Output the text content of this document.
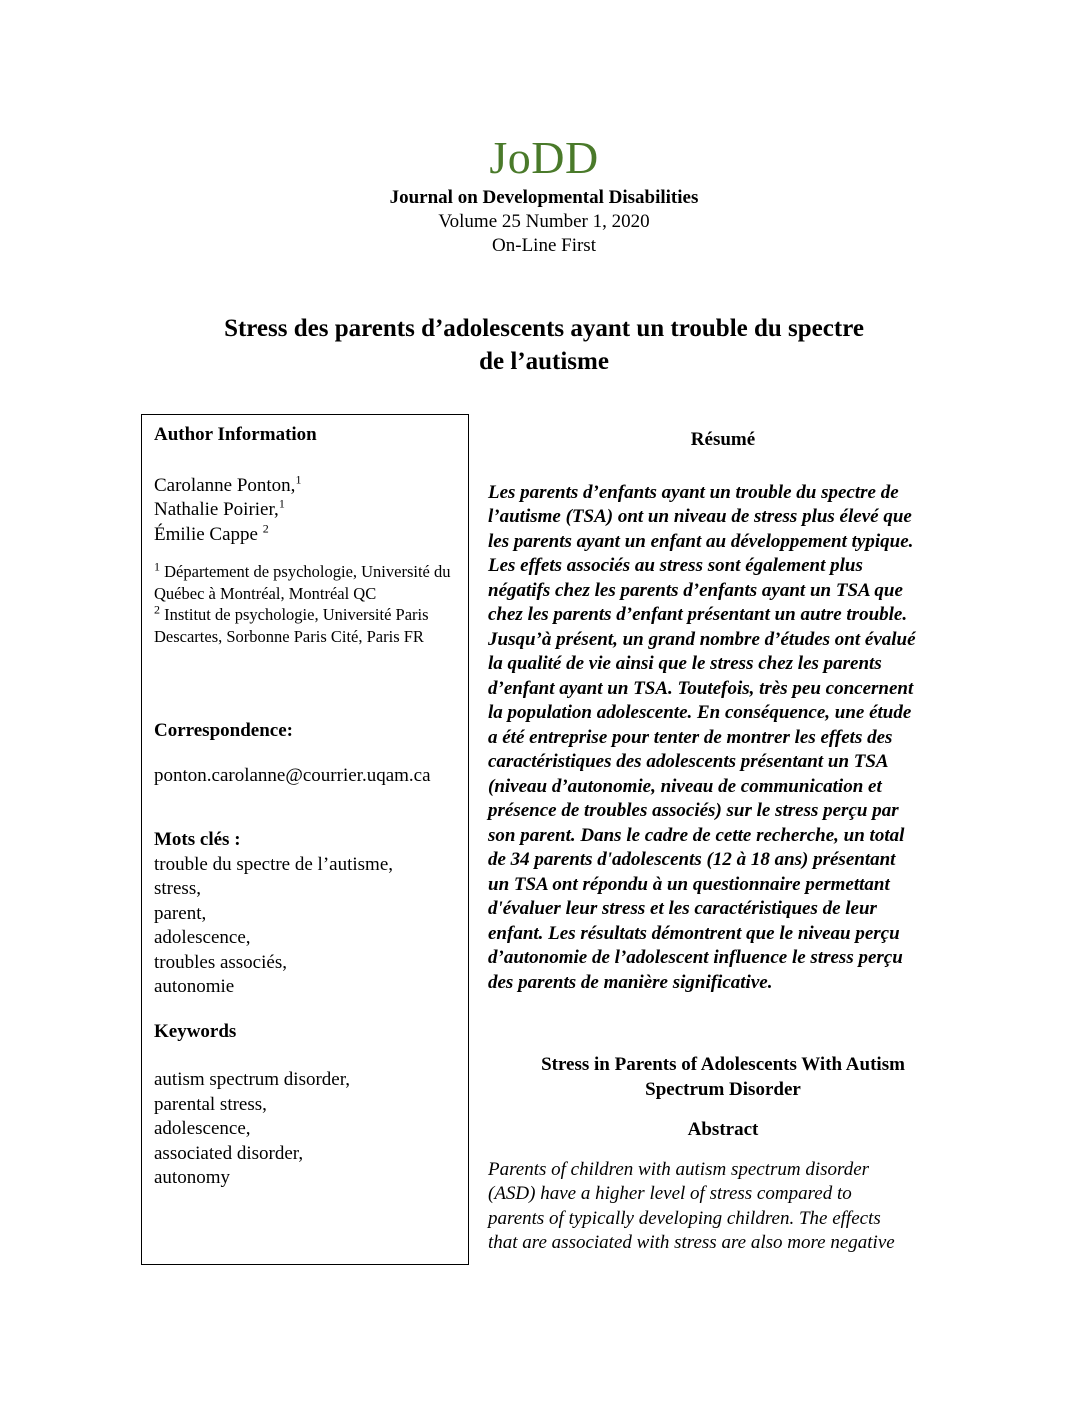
JoDD
Journal on Developmental Disabilities
Volume 25 Number 1, 2020
On-Line First
Stress des parents d’adolescents ayant un trouble du spectre
de l’autisme
Author Information
Carolanne Ponton,$^1$
Nathalie Poirier,$^1$
Émilie Cappe $^2$
$^1$ Département de psychologie, Université du Québec à Montréal, Montréal QC
$^2$ Institut de psychologie, Université Paris Descartes, Sorbonne Paris Cité, Paris FR
Correspondence:
ponton.carolanne@courrier.uqam.ca
Mots clés :
trouble du spectre de l’autisme,
stress,
parent,
adolescence,
troubles associés,
autonomie
Keywords
autism spectrum disorder,
parental stress,
adolescence,
associated disorder,
autonomy
Résumé
Les parents d’enfants ayant un trouble du spectre de
l’autisme (TSA) ont un niveau de stress plus élevé que
les parents ayant un enfant au développement typique.
Les effets associés au stress sont également plus
négatifs chez les parents d’enfants ayant un TSA que
chez les parents d’enfant présentant un autre trouble.
Jusqu’à présent, un grand nombre d’études ont évalué
la qualité de vie ainsi que le stress chez les parents
d’enfant ayant un TSA. Toutefois, très peu concernent
la population adolescente. En conséquence, une étude
a été entreprise pour tenter de montrer les effets des
caractéristiques des adolescents présentant un TSA
(niveau d’autonomie, niveau de communication et
présence de troubles associés) sur le stress perçu par
son parent. Dans le cadre de cette recherche, un total
de 34 parents d'adolescents (12 à 18 ans) présentant
un TSA ont répondu à un questionnaire permettant
d'évaluer leur stress et les caractéristiques de leur
enfant. Les résultats démontrent que le niveau perçu
d’autonomie de l’adolescent influence le stress perçu
des parents de manière significative.
Stress in Parents of Adolescents With Autism
Spectrum Disorder
Abstract
Parents of children with autism spectrum disorder
(ASD) have a higher level of stress compared to
parents of typically developing children. The effects
that are associated with stress are also more negative
